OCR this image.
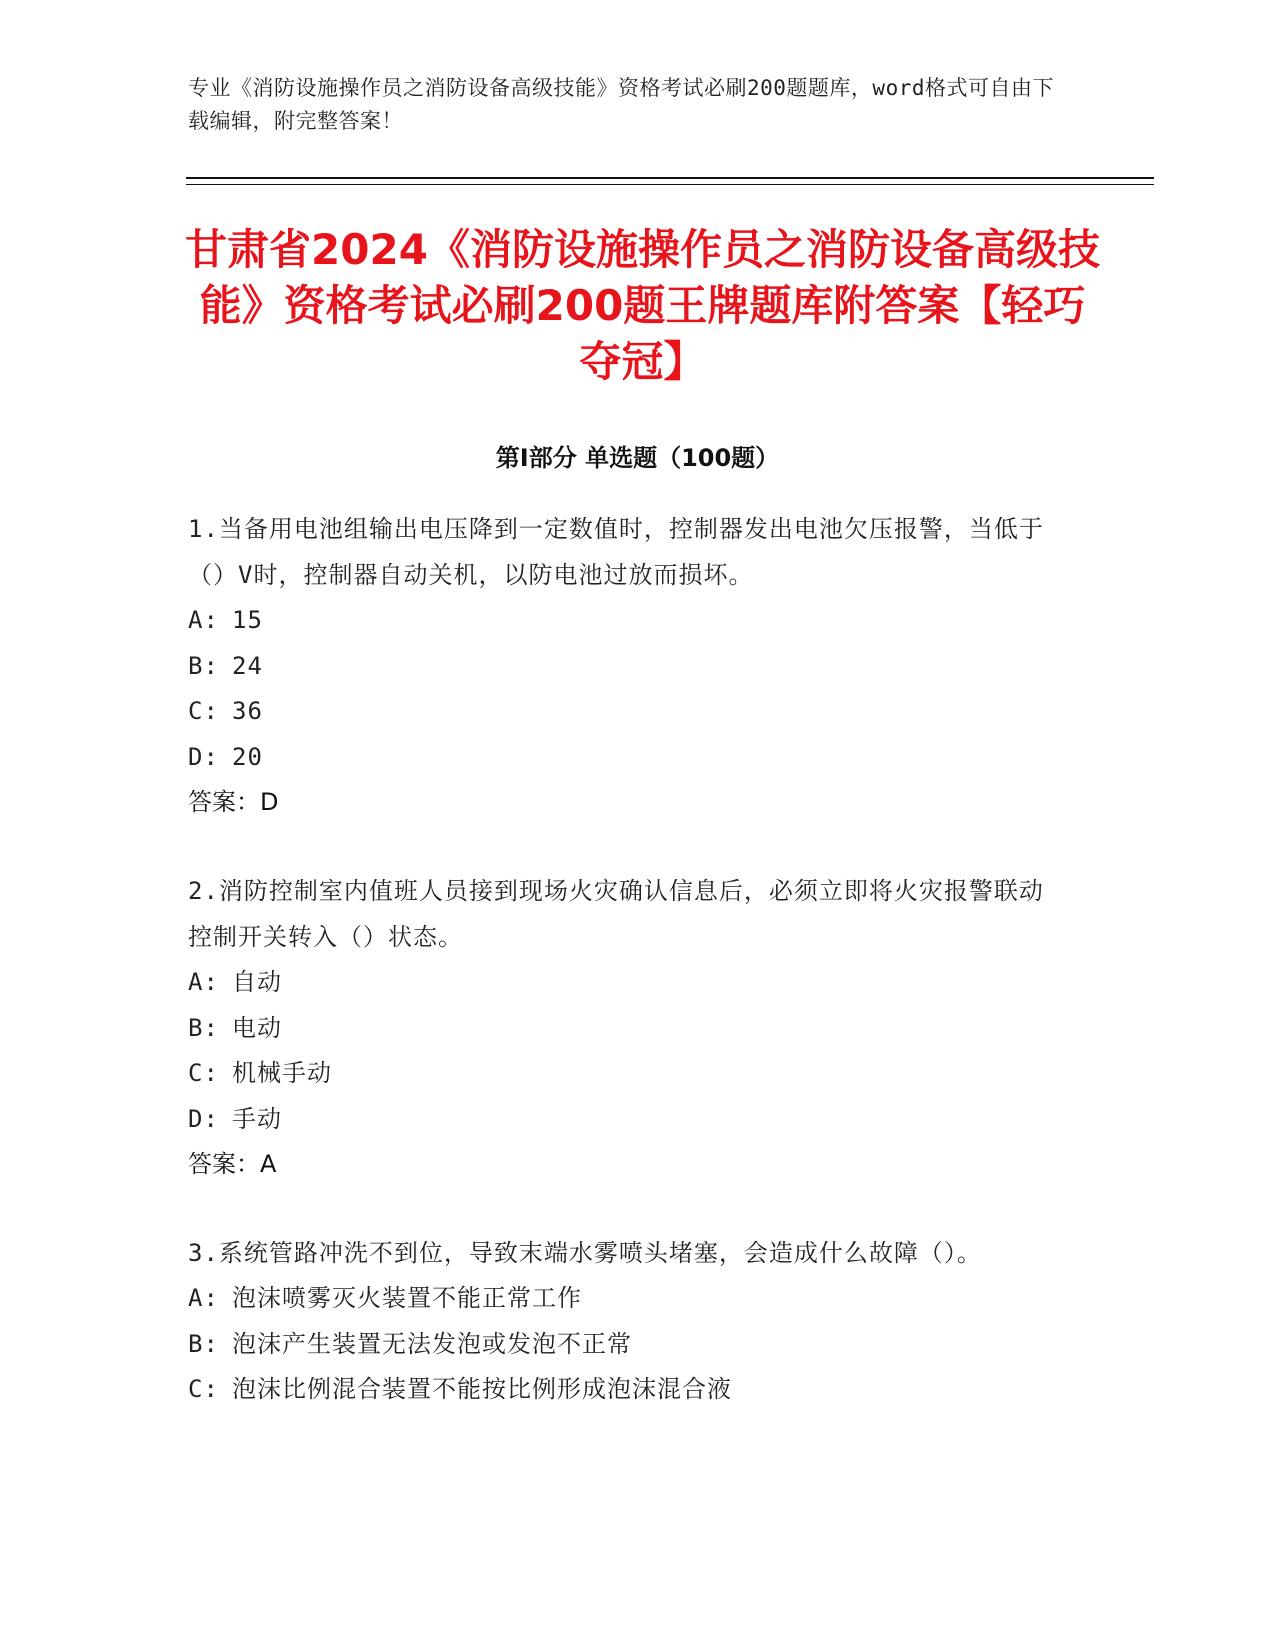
专业《消防设施操作员之消防设备高级技能》资格考试必刷200题题库，word格式可自由下载编辑，附完整答案！
甘肃省2024《消防设施操作员之消防设备高级技能》资格考试必刷200题王牌题库附答案【轻巧夺冠】
第I部分 单选题（100题）
1.当备用电池组输出电压降到一定数值时，控制器发出电池欠压报警，当低于（）V时，控制器自动关机，以防电池过放而损坏。
A: 15
B: 24
C: 36
D: 20
答案：D
2.消防控制室内值班人员接到现场火灾确认信息后，必须立即将火灾报警联动控制开关转入（）状态。
A: 自动
B: 电动
C: 机械手动
D: 手动
答案：A
3.系统管路冲洗不到位，导致末端水雾喷头堵塞，会造成什么故障（）。
A: 泡沫喷雾灭火装置不能正常工作
B: 泡沫产生装置无法发泡或发泡不正常
C: 泡沫比例混合装置不能按比例形成泡沫混合液
